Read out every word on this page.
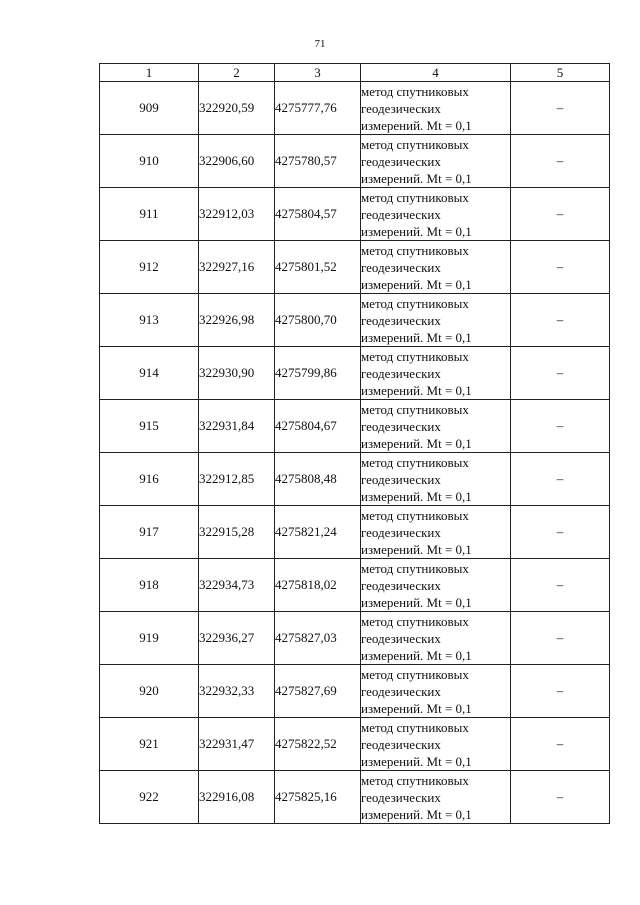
71
1	2	3	4	5
909	322920,59	4275777,76	метод спутниковых
геодезических
измерений. Mt = 0,1	–
910	322906,60	4275780,57	метод спутниковых
геодезических
измерений. Mt = 0,1	–
911	322912,03	4275804,57	метод спутниковых
геодезических
измерений. Mt = 0,1	–
912	322927,16	4275801,52	метод спутниковых
геодезических
измерений. Mt = 0,1	–
913	322926,98	4275800,70	метод спутниковых
геодезических
измерений. Mt = 0,1	–
914	322930,90	4275799,86	метод спутниковых
геодезических
измерений. Mt = 0,1	–
915	322931,84	4275804,67	метод спутниковых
геодезических
измерений. Mt = 0,1	–
916	322912,85	4275808,48	метод спутниковых
геодезических
измерений. Mt = 0,1	–
917	322915,28	4275821,24	метод спутниковых
геодезических
измерений. Mt = 0,1	–
918	322934,73	4275818,02	метод спутниковых
геодезических
измерений. Mt = 0,1	–
919	322936,27	4275827,03	метод спутниковых
геодезических
измерений. Mt = 0,1	–
920	322932,33	4275827,69	метод спутниковых
геодезических
измерений. Mt = 0,1	–
921	322931,47	4275822,52	метод спутниковых
геодезических
измерений. Mt = 0,1	–
922	322916,08	4275825,16	метод спутниковых
геодезических
измерений. Mt = 0,1	–
